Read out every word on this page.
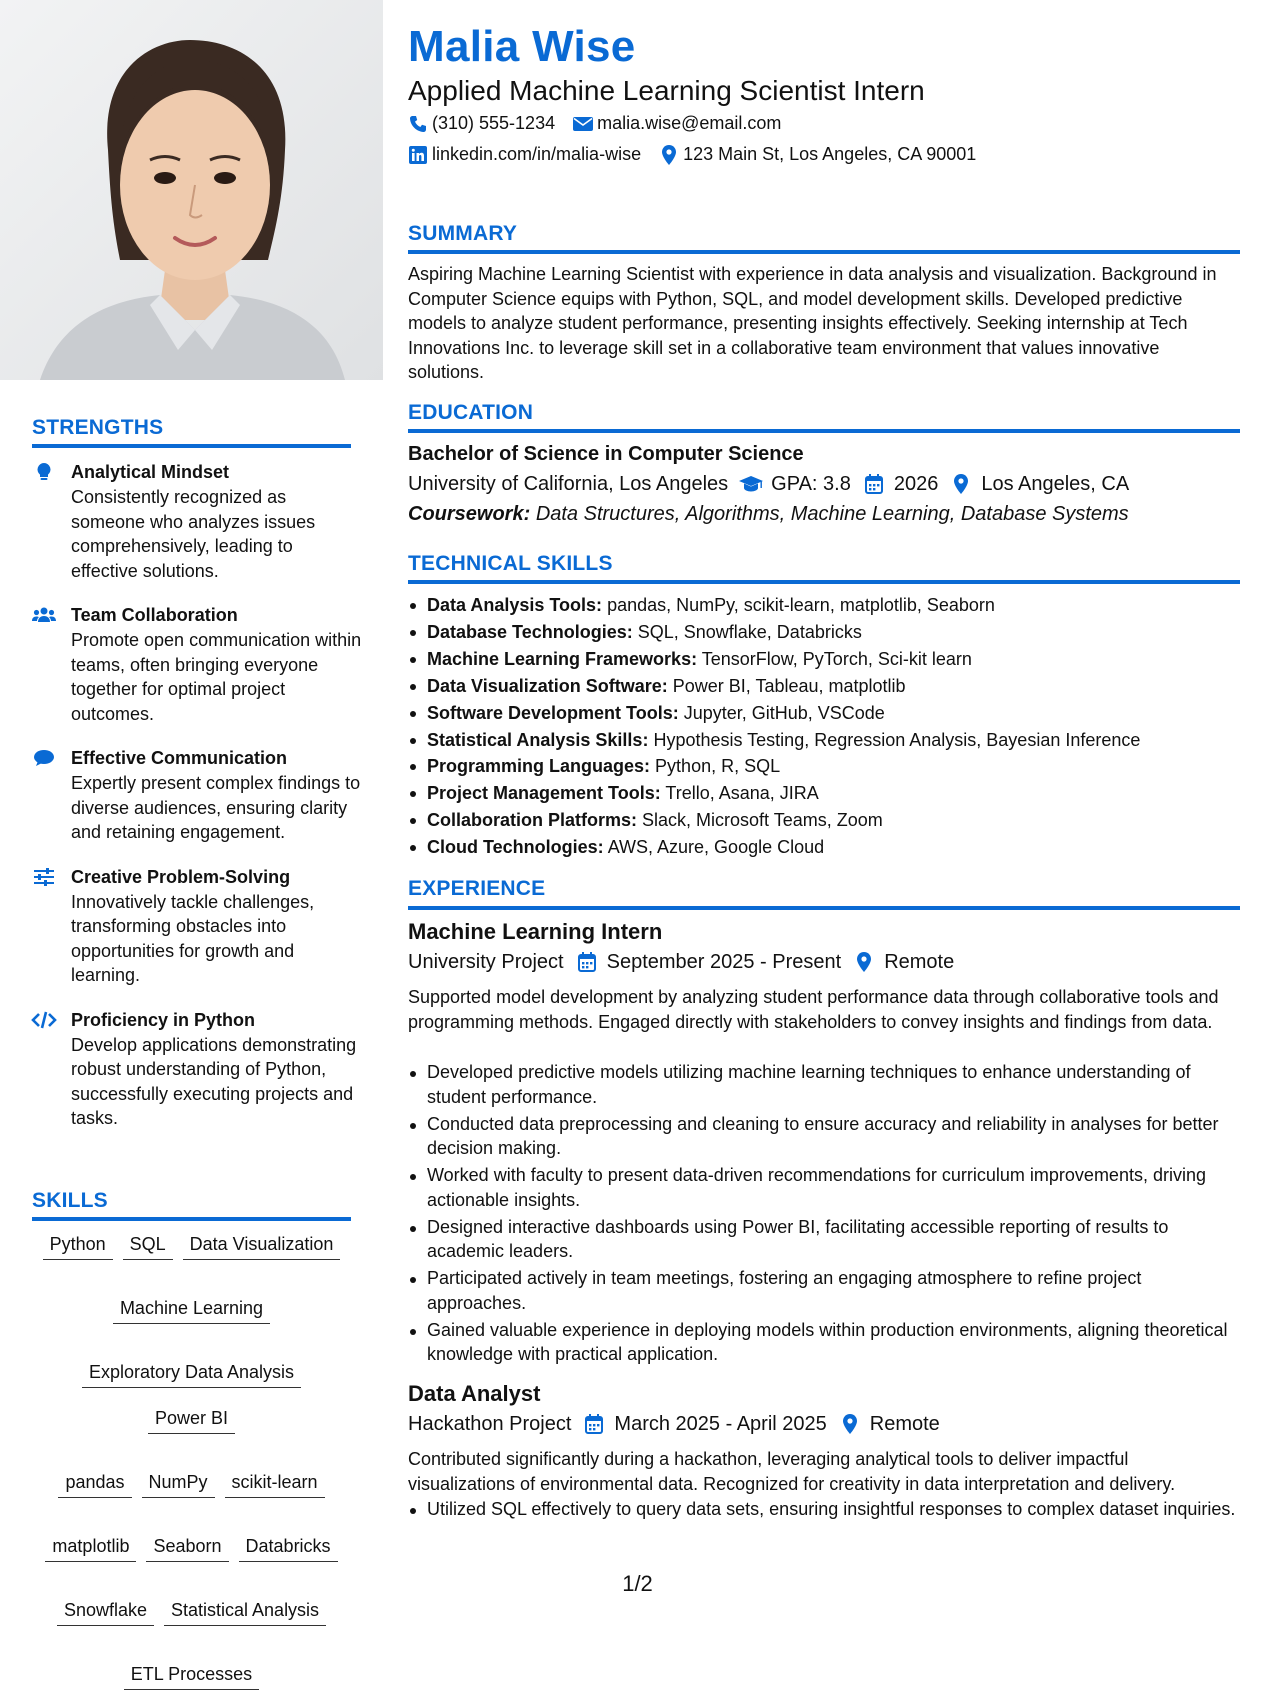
STRENGTHS
Analytical Mindset
Consistently recognized as someone who analyzes issues comprehensively, leading to effective solutions.
Team Collaboration
Promote open communication within teams, often bringing everyone together for optimal project outcomes.
Effective Communication
Expertly present complex findings to diverse audiences, ensuring clarity and retaining engagement.
Creative Problem-Solving
Innovatively tackle challenges, transforming obstacles into opportunities for growth and learning.
Proficiency in Python
Develop applications demonstrating robust understanding of Python, successfully executing projects and tasks.
SKILLS
Python	SQL	Data Visualization
Machine Learning
Exploratory Data Analysis
Power BI
pandas	NumPy	scikit-learn
matplotlib	Seaborn	Databricks
Snowflake	Statistical Analysis
ETL Processes
Malia Wise
Applied Machine Learning Scientist Intern
(310) 555-1234 malia.wise@email.com
linkedin.com/in/malia-wise 123 Main St, Los Angeles, CA 90001
SUMMARY
Aspiring Machine Learning Scientist with experience in data analysis and visualization. Background in Computer Science equips with Python, SQL, and model development skills. Developed predictive models to analyze student performance, presenting insights effectively. Seeking internship at Tech Innovations Inc. to leverage skill set in a collaborative team environment that values innovative solutions.
EDUCATION
Bachelor of Science in Computer Science
University of California, Los Angeles GPA: 3.8 2026 Los Angeles, CA
Coursework: Data Structures, Algorithms, Machine Learning, Database Systems
TECHNICAL SKILLS
Data Analysis Tools: pandas, NumPy, scikit-learn, matplotlib, Seaborn
Database Technologies: SQL, Snowflake, Databricks
Machine Learning Frameworks: TensorFlow, PyTorch, Sci-kit learn
Data Visualization Software: Power BI, Tableau, matplotlib
Software Development Tools: Jupyter, GitHub, VSCode
Statistical Analysis Skills: Hypothesis Testing, Regression Analysis, Bayesian Inference
Programming Languages: Python, R, SQL
Project Management Tools: Trello, Asana, JIRA
Collaboration Platforms: Slack, Microsoft Teams, Zoom
Cloud Technologies: AWS, Azure, Google Cloud
EXPERIENCE
Machine Learning Intern
University Project September 2025 - Present Remote
Supported model development by analyzing student performance data through collaborative tools and programming methods. Engaged directly with stakeholders to convey insights and findings from data.
Developed predictive models utilizing machine learning techniques to enhance understanding of student performance.
Conducted data preprocessing and cleaning to ensure accuracy and reliability in analyses for better decision making.
Worked with faculty to present data-driven recommendations for curriculum improvements, driving actionable insights.
Designed interactive dashboards using Power BI, facilitating accessible reporting of results to academic leaders.
Participated actively in team meetings, fostering an engaging atmosphere to refine project approaches.
Gained valuable experience in deploying models within production environments, aligning theoretical knowledge with practical application.
Data Analyst
Hackathon Project March 2025 - April 2025 Remote
Contributed significantly during a hackathon, leveraging analytical tools to deliver impactful visualizations of environmental data. Recognized for creativity in data interpretation and delivery.
Utilized SQL effectively to query data sets, ensuring insightful responses to complex dataset inquiries.
1/2
